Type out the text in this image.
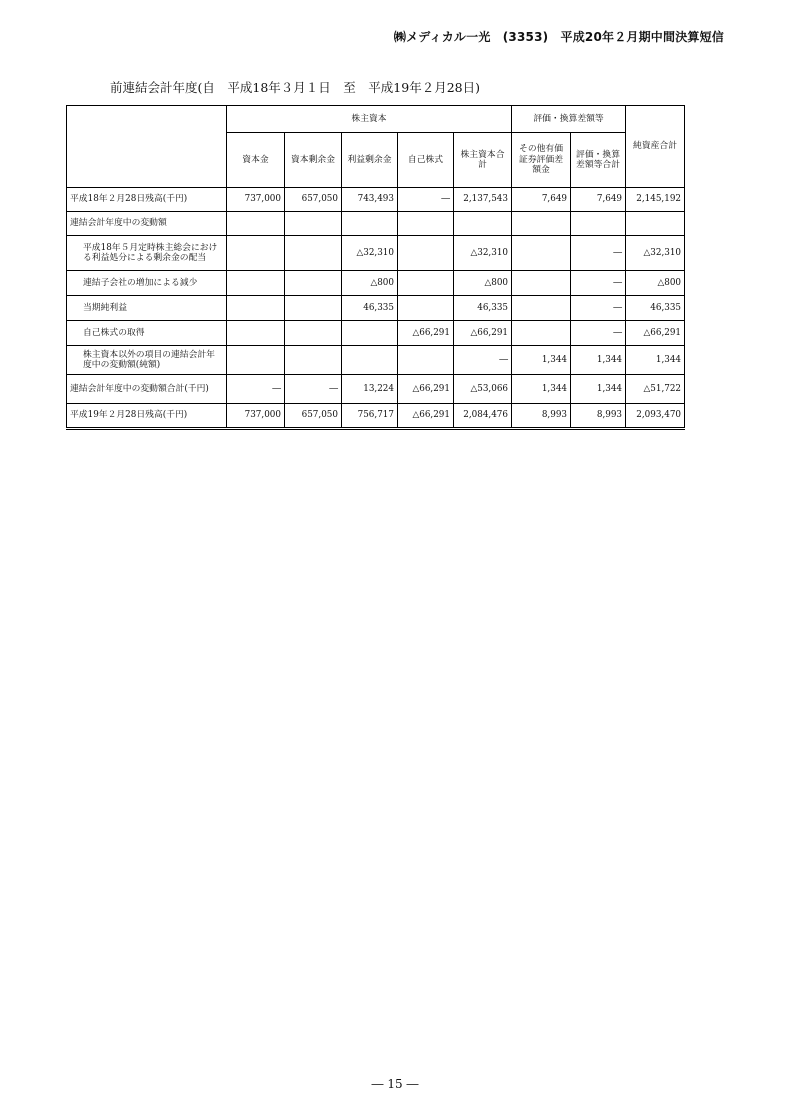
㈱メディカル一光　(3353)　平成20年２月期中間決算短信
前連結会計年度(自　平成18年３月１日　至　平成19年２月28日)
	株主資本					評価・換算差額等		純資産合計
	資本金	資本剰余金	利益剰余金	自己株式	株主資本合計	その他有価証券評価差額金	評価・換算差額等合計	
平成18年２月28日残高(千円)	737,000	657,050	743,493	―	2,137,543	7,649	7,649	2,145,192
連結会計年度中の変動額								
平成18年５月定時株主総会における利益処分による剰余金の配当			△32,310		△32,310		―	△32,310
連結子会社の増加による減少			△800		△800		―	△800
当期純利益			46,335		46,335		―	46,335
自己株式の取得				△66,291	△66,291		―	△66,291
株主資本以外の項目の連結会計年度中の変動額(純額)					―	1,344	1,344	1,344
連結会計年度中の変動額合計(千円)	―	―	13,224	△66,291	△53,066	1,344	1,344	△51,722
平成19年２月28日残高(千円)	737,000	657,050	756,717	△66,291	2,084,476	8,993	8,993	2,093,470
― 15 ―
